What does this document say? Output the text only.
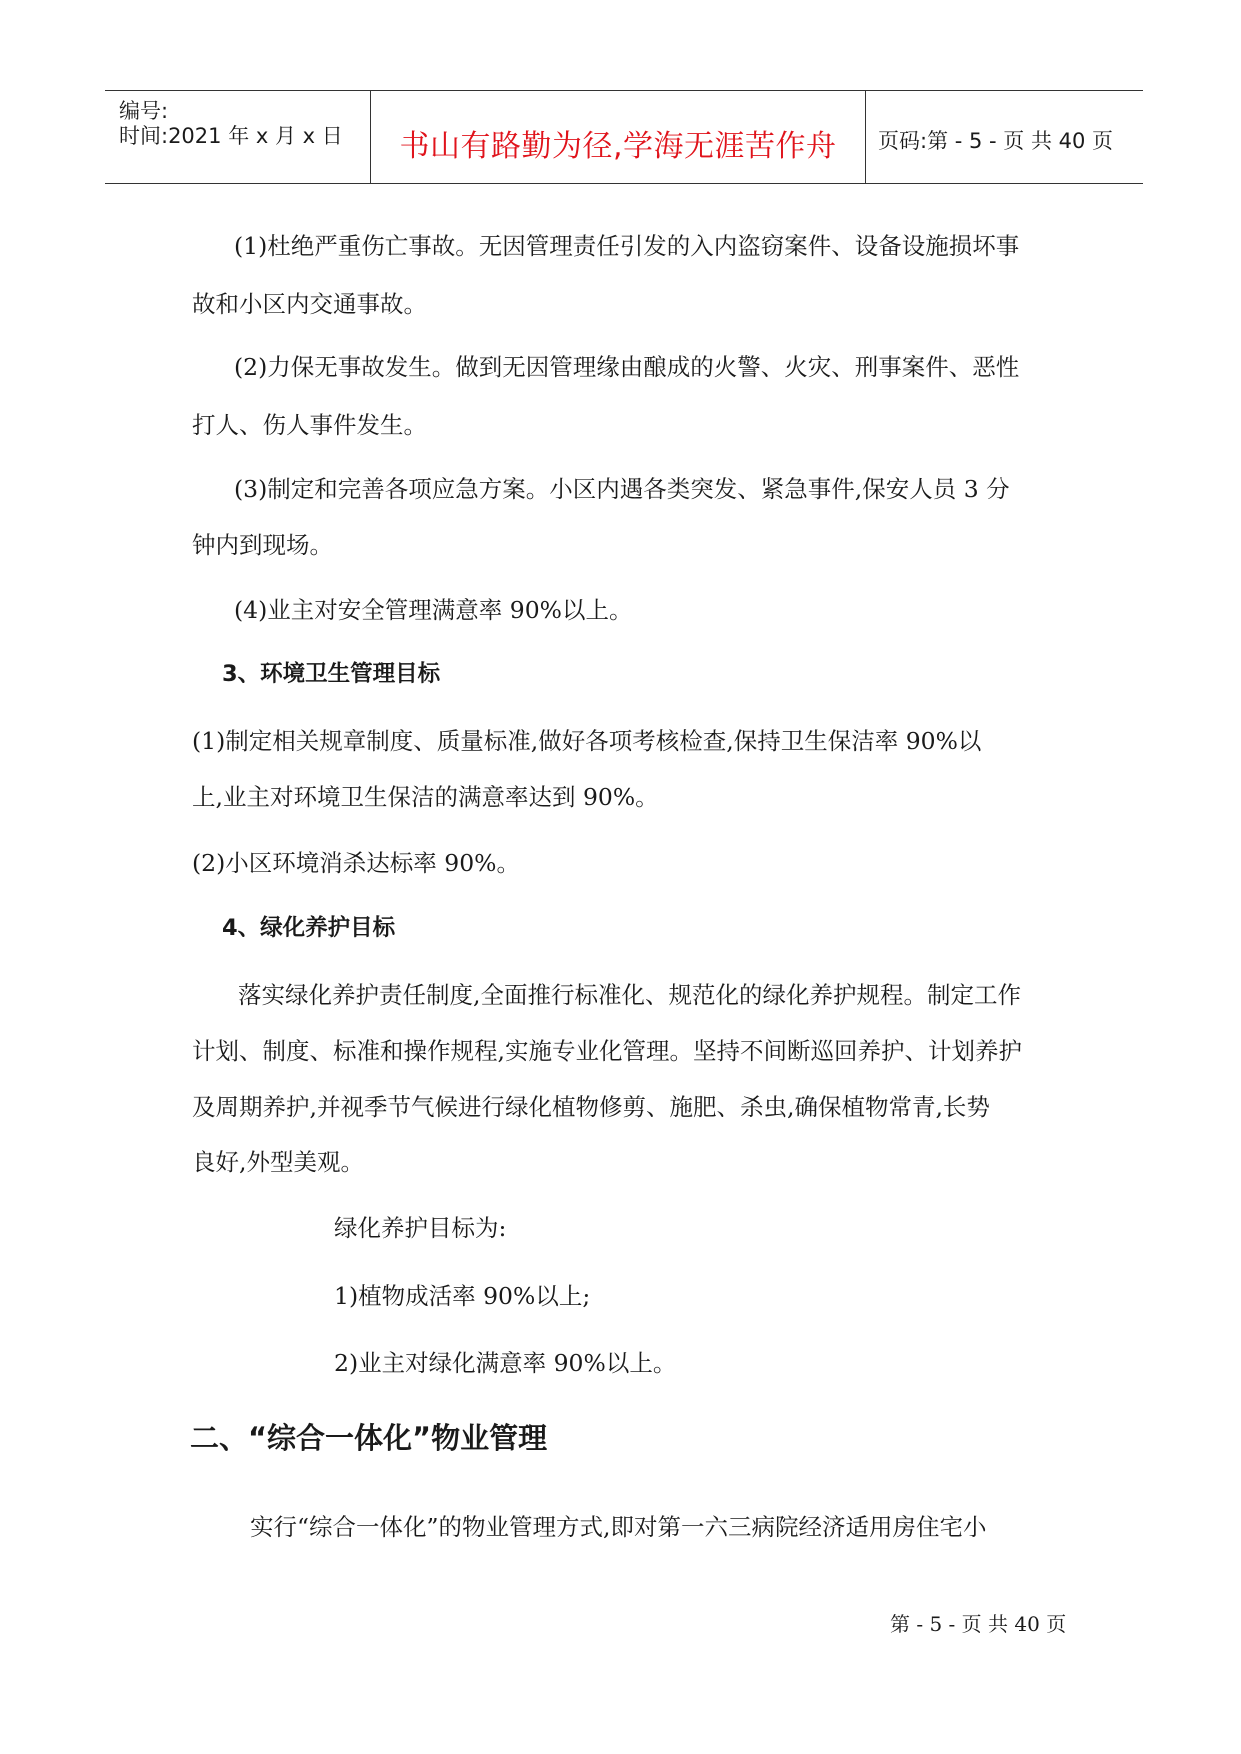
编号:
时间:2021 年 x 月 x 日	书山有路勤为径,学海无涯苦作舟	页码:第 - 5 - 页 共 40 页
(1)杜绝严重伤亡事故。无因管理责任引发的入内盗窃案件、设备设施损坏事
故和小区内交通事故。
(2)力保无事故发生。做到无因管理缘由酿成的火警、火灾、刑事案件、恶性
打人、伤人事件发生。
(3)制定和完善各项应急方案。小区内遇各类突发、紧急事件,保安人员 3 分
钟内到现场。
(4)业主对安全管理满意率 90%以上。
3、环境卫生管理目标
(1)制定相关规章制度、质量标准,做好各项考核检查,保持卫生保洁率 90%以
上,业主对环境卫生保洁的满意率达到 90%。
(2)小区环境消杀达标率 90%。
4、绿化养护目标
落实绿化养护责任制度,全面推行标准化、规范化的绿化养护规程。制定工作
计划、制度、标准和操作规程,实施专业化管理。坚持不间断巡回养护、计划养护
及周期养护,并视季节气候进行绿化植物修剪、施肥、杀虫,确保植物常青,长势
良好,外型美观。
绿化养护目标为:
1)植物成活率 90%以上;
2)业主对绿化满意率 90%以上。
二、“综合一体化”物业管理
实行“综合一体化”的物业管理方式,即对第一六三病院经济适用房住宅小
第 - 5 - 页 共 40 页
